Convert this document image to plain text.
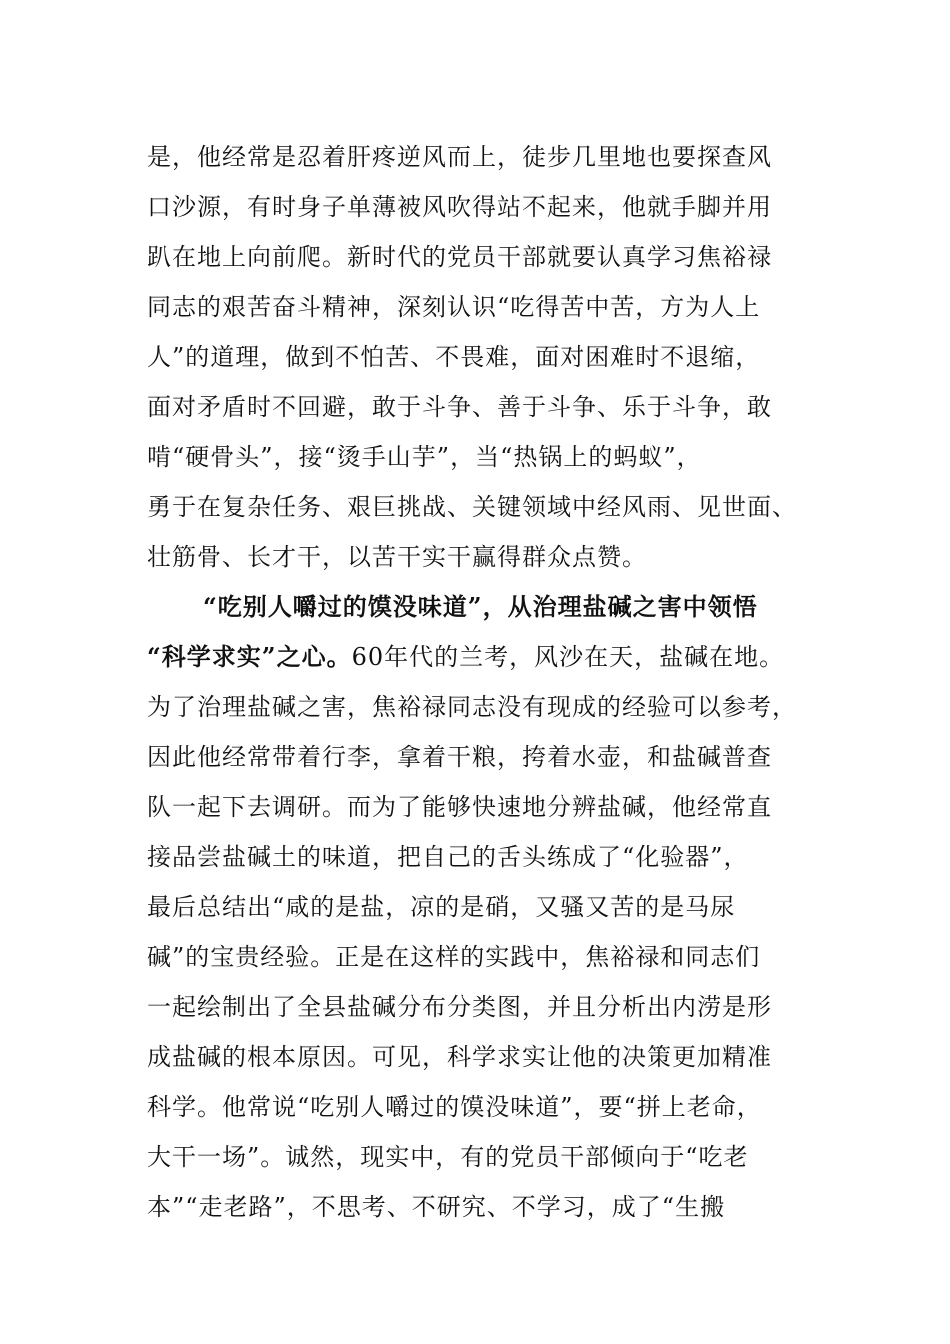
是，他经常是忍着肝疼逆风而上，徒步几里地也要探查风
口沙源，有时身子单薄被风吹得站不起来，他就手脚并用
趴在地上向前爬。新时代的党员干部就要认真学习焦裕禄
同志的艰苦奋斗精神，深刻认识“吃得苦中苦，方为人上
人”的道理，做到不怕苦、不畏难，面对困难时不退缩，
面对矛盾时不回避，敢于斗争、善于斗争、乐于斗争，敢
啃“硬骨头”，接“烫手山芋”，当“热锅上的蚂蚁”，
勇于在复杂任务、艰巨挑战、关键领域中经风雨、见世面、
壮筋骨、长才干，以苦干实干赢得群众点赞。
“吃别人嚼过的馍没味道”，从治理盐碱之害中领悟
“科学求实”之心。60年代的兰考，风沙在天，盐碱在地。
为了治理盐碱之害，焦裕禄同志没有现成的经验可以参考，
因此他经常带着行李，拿着干粮，挎着水壶，和盐碱普查
队一起下去调研。而为了能够快速地分辨盐碱，他经常直
接品尝盐碱土的味道，把自己的舌头练成了“化验器”，
最后总结出“咸的是盐，凉的是硝，又骚又苦的是马尿
碱”的宝贵经验。正是在这样的实践中，焦裕禄和同志们
一起绘制出了全县盐碱分布分类图，并且分析出内涝是形
成盐碱的根本原因。可见，科学求实让他的决策更加精准
科学。他常说“吃别人嚼过的馍没味道”，要“拼上老命，
大干一场”。诚然，现实中，有的党员干部倾向于“吃老
本”“走老路”，不思考、不研究、不学习，成了“生搬
